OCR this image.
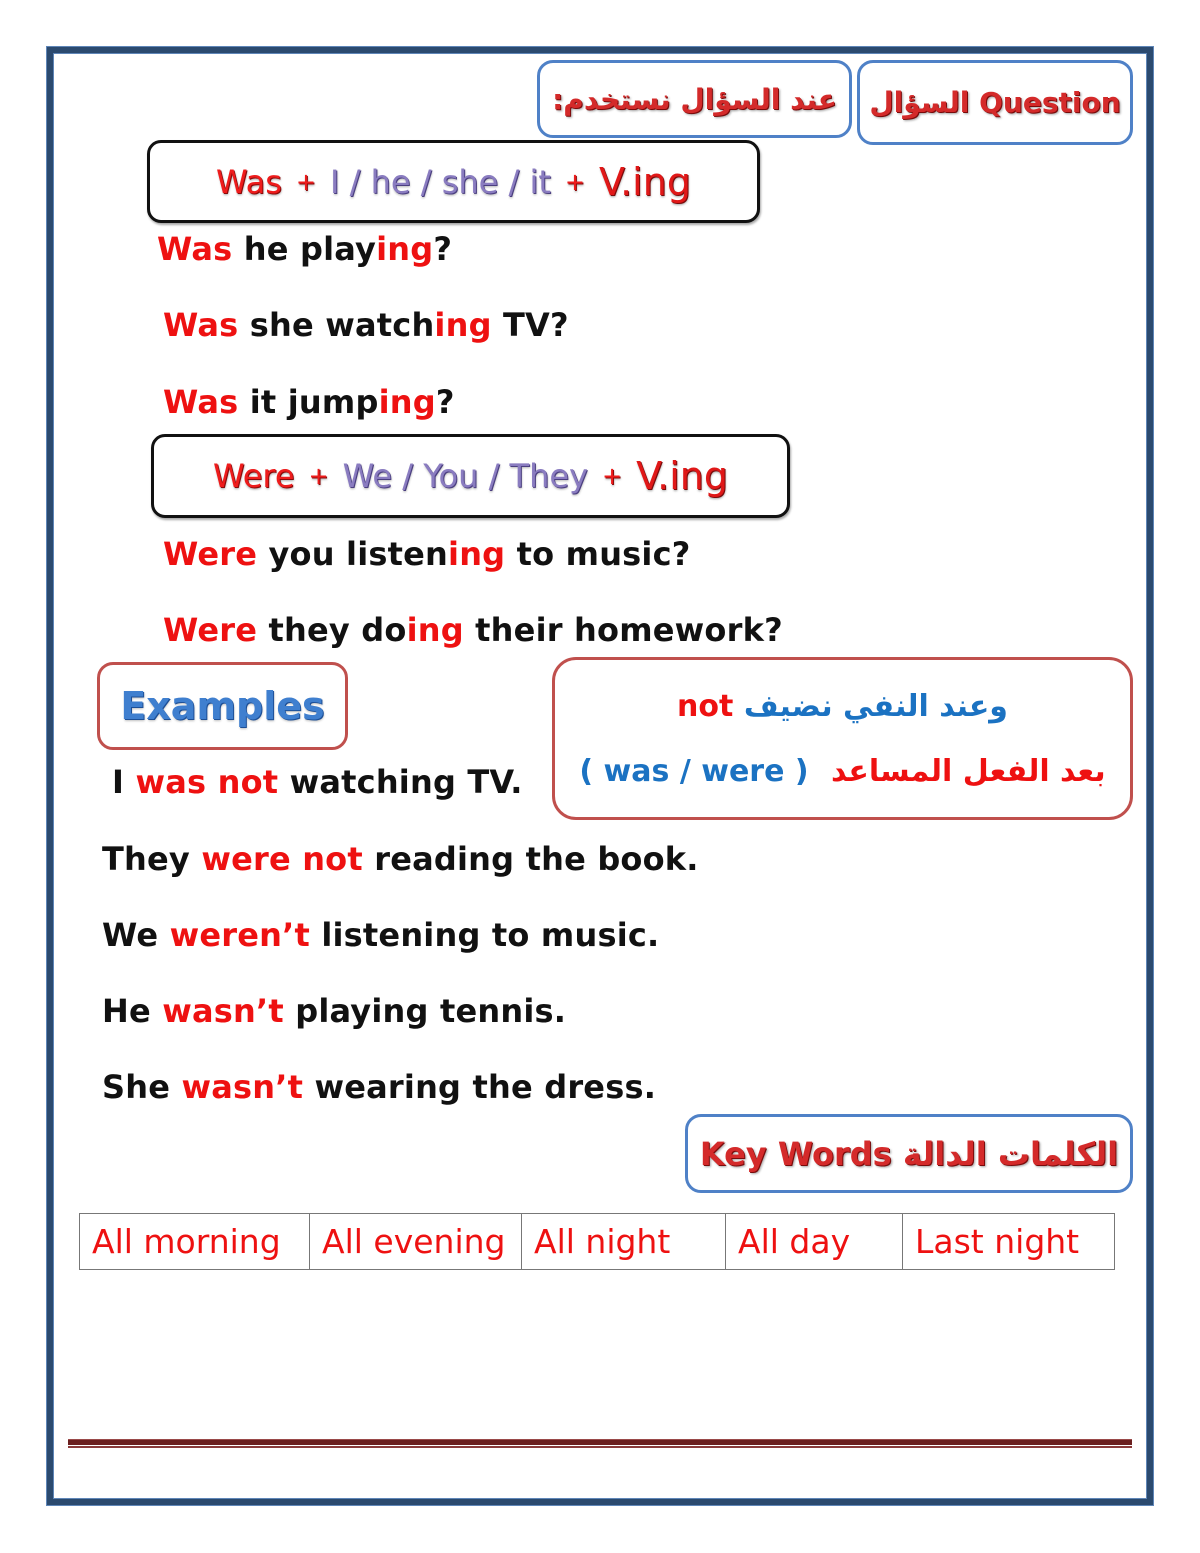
عند السؤال نستخدم: السؤال Question
Was + I / he / she / it + V.ing
Was he playing?
Was she watching TV?
Was it jumping?
Were + We / You / They + V.ing
Were you listening to music?
Were they doing their homework?
Examples	not وعند النفي نضيف
( was / were ) بعد الفعل المساعد
I was not watching TV.
They were not reading the book.
We weren’t listening to music.
He wasn’t playing tennis.
She wasn’t wearing the dress.
Key Words الكلمات الدالة
All morning	All evening	All night	All day	Last night
